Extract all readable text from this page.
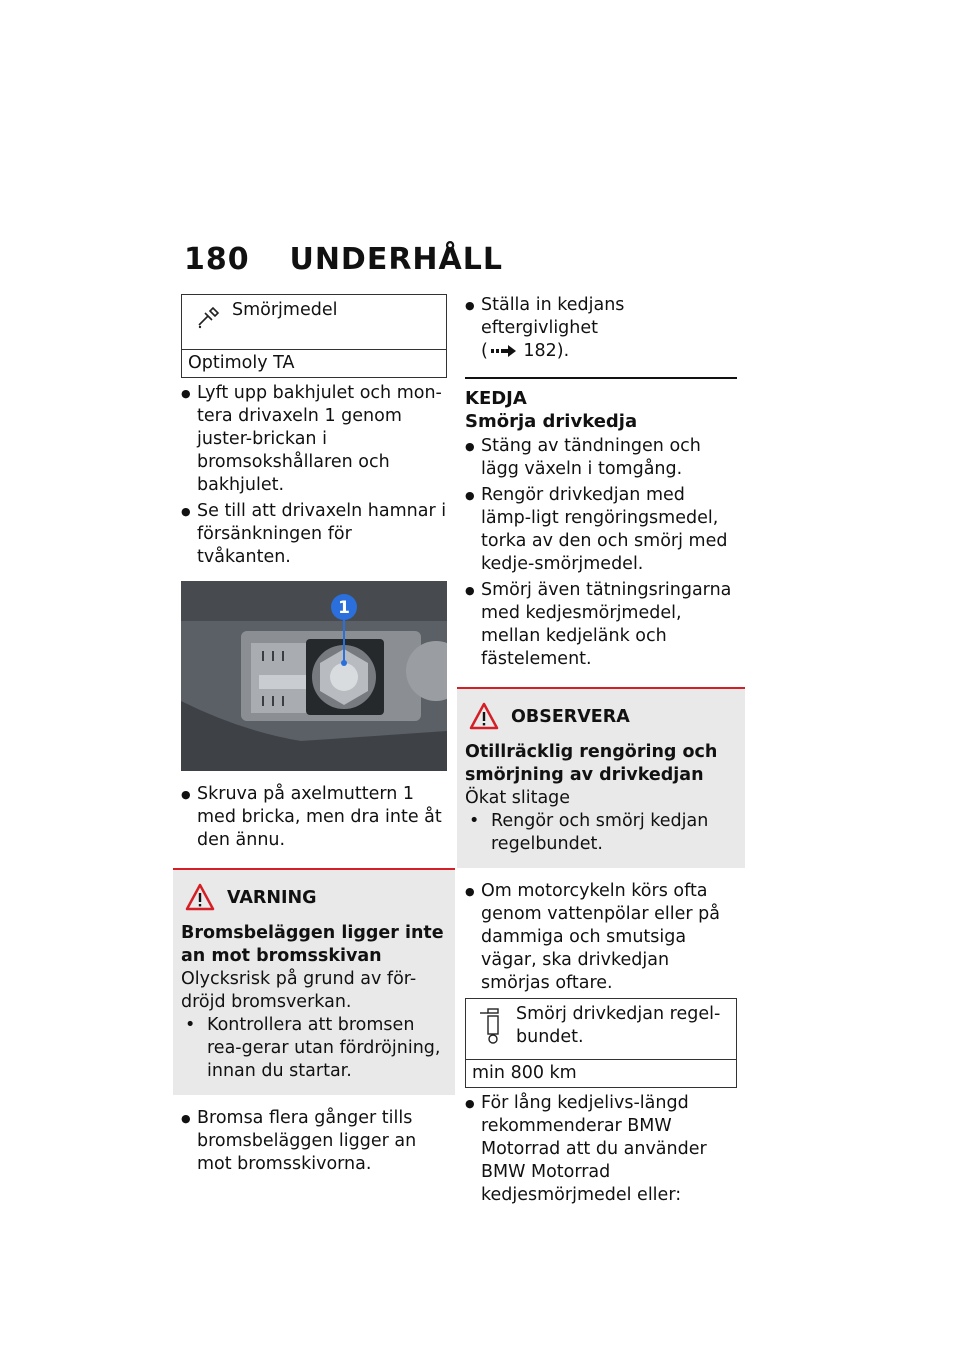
180 UNDERHÅLL
Smörjmedel
Optimoly TA
● Lyft upp bakhjulet och mon-tera drivaxeln 1 genom juster-brickan i bromsokshållaren och bakhjulet.
● Se till att drivaxeln hamnar i försänkningen för tvåkanten.
1
● Skruva på axelmuttern 1 med bricka, men dra inte åt den ännu.
VARNING
Bromsbeläggen ligger inte an mot bromsskivan
Olycksrisk på grund av för-dröjd bromsverkan.
• Kontrollera att bromsen rea-gerar utan fördröjning, innan du startar.
● Bromsa flera gånger tills bromsbeläggen ligger an mot bromsskivorna.
● Ställa in kedjans eftergivlighet
( 182).
KEDJA
Smörja drivkedja
● Stäng av tändningen och lägg växeln i tomgång.
● Rengör drivkedjan med lämp-ligt rengöringsmedel, torka av den och smörj med kedje-smörjmedel.
● Smörj även tätningsringarna med kedjesmörjmedel, mellan kedjelänk och fästelement.
OBSERVERA
Otillräcklig rengöring och smörjning av drivkedjan
Ökat slitage
• Rengör och smörj kedjan regelbundet.
● Om motorcykeln körs ofta genom vattenpölar eller på dammiga och smutsiga vägar, ska drivkedjan smörjas oftare.
Smörj drivkedjan regel-bundet.
min 800 km
● För lång kedjelivs-längd rekommenderar BMW Motorrad att du använder BMW Motorrad kedjesmörjmedel eller:
